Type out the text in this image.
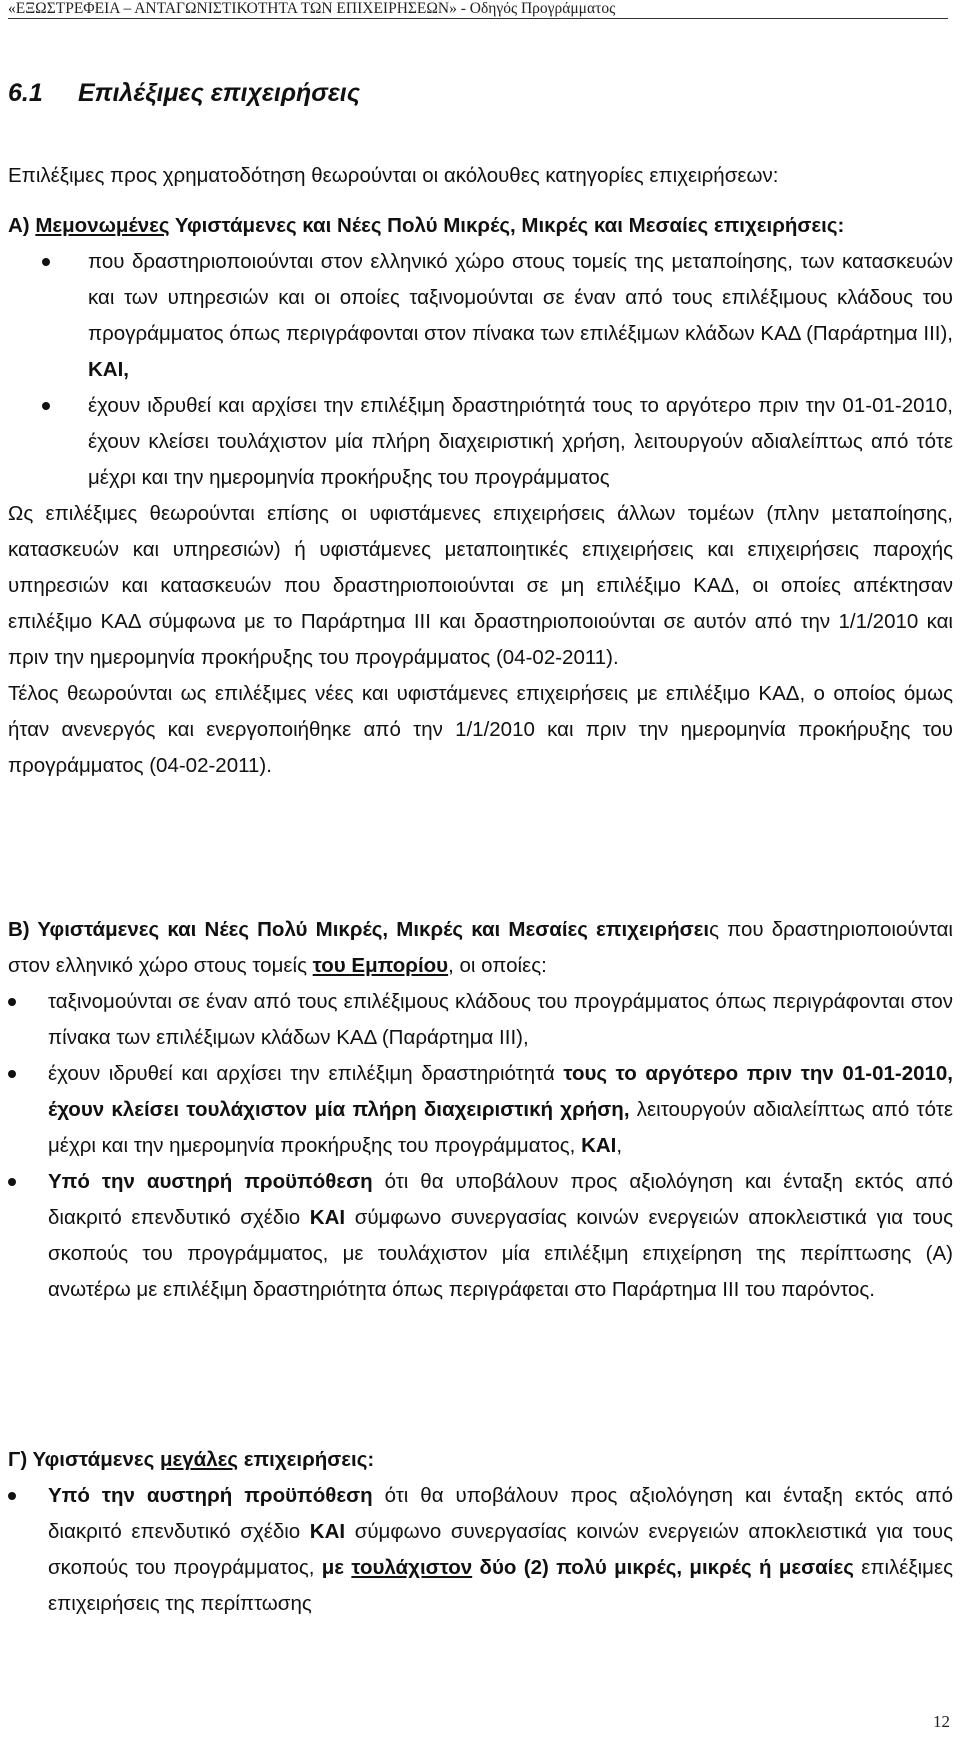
«ΕΞΩΣΤΡΕΦΕΙΑ – ΑΝΤΑΓΩΝΙΣΤΙΚΟΤΗΤΑ ΤΩΝ ΕΠΙΧΕΙΡΗΣΕΩΝ» - Οδηγός Προγράμματος
6.1 Επιλέξιμες επιχειρήσεις

Επιλέξιμες προς χρηματοδότηση θεωρούνται οι ακόλουθες κατηγορίες επιχειρήσεων:

Α) Μεμονωμένες Υφιστάμενες και Νέες Πολύ Μικρές, Μικρές και Μεσαίες επιχειρήσεις:

που δραστηριοποιούνται στον ελληνικό χώρο στους τομείς της μεταποίησης, των κατασκευών και των υπηρεσιών και οι οποίες ταξινομούνται σε έναν από τους επιλέξιμους κλάδους του προγράμματος όπως περιγράφονται στον πίνακα των επιλέξιμων κλάδων ΚΑΔ (Παράρτημα ΙΙΙ), ΚΑΙ,
έχουν ιδρυθεί και αρχίσει την επιλέξιμη δραστηριότητά τους το αργότερο πριν την 01-01-2010, έχουν κλείσει τουλάχιστον μία πλήρη διαχειριστική χρήση, λειτουργούν αδιαλείπτως από τότε μέχρι και την ημερομηνία προκήρυξης του προγράμματος

Ως επιλέξιμες θεωρούνται επίσης οι υφιστάμενες επιχειρήσεις άλλων τομέων (πλην μεταποίησης, κατασκευών και υπηρεσιών) ή υφιστάμενες μεταποιητικές επιχειρήσεις και επιχειρήσεις παροχής υπηρεσιών και κατασκευών που δραστηριοποιούνται σε μη επιλέξιμο ΚΑΔ, οι οποίες απέκτησαν επιλέξιμο ΚΑΔ σύμφωνα με το Παράρτημα ΙΙΙ και δραστηριοποιούνται σε αυτόν από την 1/1/2010 και πριν την ημερομηνία προκήρυξης του προγράμματος (04-02-2011).

Τέλος θεωρούνται ως επιλέξιμες νέες και υφιστάμενες επιχειρήσεις με επιλέξιμο ΚΑΔ, ο οποίος όμως ήταν ανενεργός και ενεργοποιήθηκε από την 1/1/2010 και πριν την ημερομηνία προκήρυξης του προγράμματος (04-02-2011).

Β) Υφιστάμενες και Νέες Πολύ Μικρές, Μικρές και Μεσαίες επιχειρήσεις που δραστηριοποιούνται στον ελληνικό χώρο στους τομείς του Εμπορίου, οι οποίες:

ταξινομούνται σε έναν από τους επιλέξιμους κλάδους του προγράμματος όπως περιγράφονται στον πίνακα των επιλέξιμων κλάδων ΚΑΔ (Παράρτημα ΙΙΙ),
έχουν ιδρυθεί και αρχίσει την επιλέξιμη δραστηριότητά τους το αργότερο πριν την 01-01-2010, έχουν κλείσει τουλάχιστον μία πλήρη διαχειριστική χρήση, λειτουργούν αδιαλείπτως από τότε μέχρι και την ημερομηνία προκήρυξης του προγράμματος, ΚΑΙ,
Υπό την αυστηρή προϋπόθεση ότι θα υποβάλουν προς αξιολόγηση και ένταξη εκτός από διακριτό επενδυτικό σχέδιο ΚΑΙ σύμφωνο συνεργασίας κοινών ενεργειών αποκλειστικά για τους σκοπούς του προγράμματος, με τουλάχιστον μία επιλέξιμη επιχείρηση της περίπτωσης (Α) ανωτέρω με επιλέξιμη δραστηριότητα όπως περιγράφεται στο Παράρτημα ΙΙΙ του παρόντος.

Γ) Υφιστάμενες μεγάλες επιχειρήσεις:

Υπό την αυστηρή προϋπόθεση ότι θα υποβάλουν προς αξιολόγηση και ένταξη εκτός από διακριτό επενδυτικό σχέδιο ΚΑΙ σύμφωνο συνεργασίας κοινών ενεργειών αποκλειστικά για τους σκοπούς του προγράμματος, με τουλάχιστον δύο (2) πολύ μικρές, μικρές ή μεσαίες επιλέξιμες επιχειρήσεις της περίπτωσης
12
